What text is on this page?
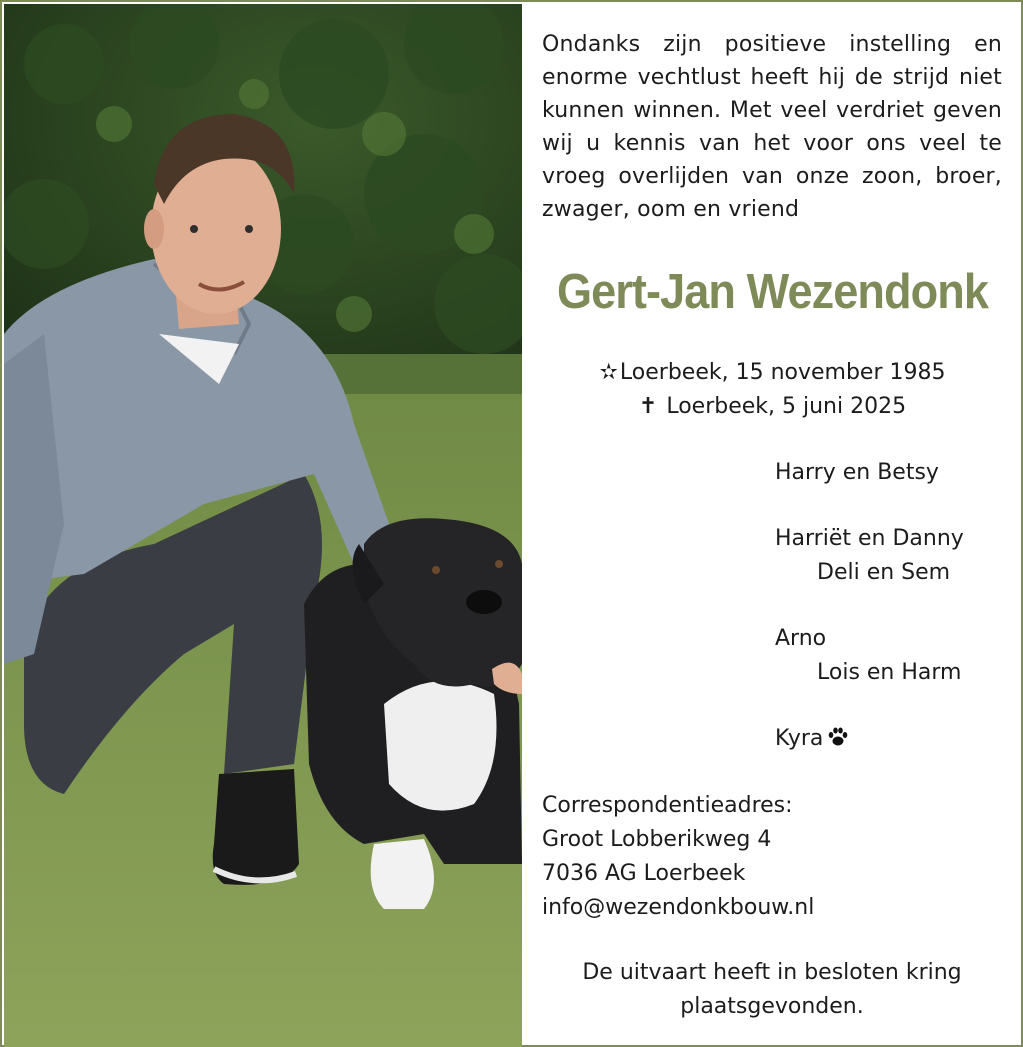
Ondanks zijn positieve instelling en enorme vechtlust heeft hij de strijd niet kunnen winnen. Met veel verdriet geven wij u kennis van het voor ons veel te vroeg overlijden van onze zoon, broer, zwager, oom en vriend

Gert-Jan Wezendonk
✫Loerbeek, 15 november 1985
✝ Loerbeek, 5 juni 2025
Harry en Betsy
Harriët en Danny
Deli en Sem
Arno
Lois en Harm
Kyra
Correspondentieadres:
Groot Lobberikweg 4
7036 AG Loerbeek
info@wezendonkbouw.nl
De uitvaart heeft in besloten kring plaatsgevonden.
